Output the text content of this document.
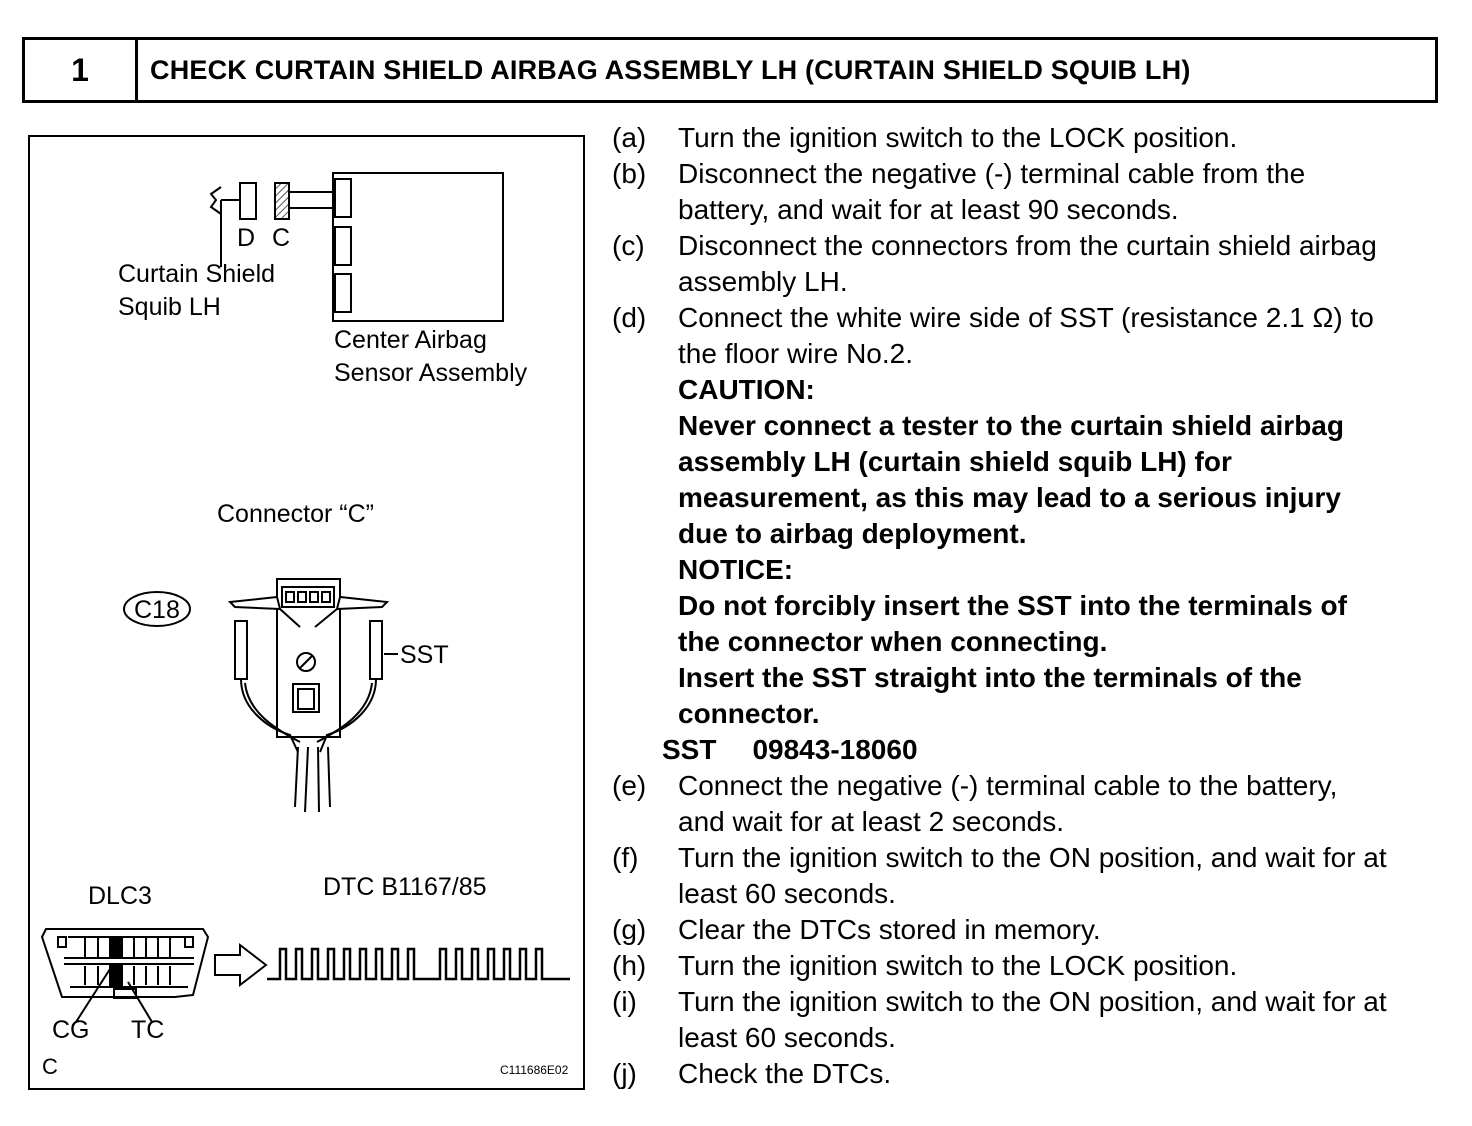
1	CHECK CURTAIN SHIELD AIRBAG ASSEMBLY LH (CURTAIN SHIELD SQUIB LH)
D C
Curtain Shield
Squib LH
Center Airbag
Sensor Assembly
Connector “C”
C18
SST
DLC3	DTC B1167/85
CG TC
C	C111686E02
(a) Turn the ignition switch to the LOCK position.
(b) Disconnect the negative (-) terminal cable from the
battery, and wait for at least 90 seconds.
(c) Disconnect the connectors from the curtain shield airbag
assembly LH.
(d) Connect the white wire side of SST (resistance 2.1 Ω) to
the floor wire No.2.
CAUTION:
Never connect a tester to the curtain shield airbag
assembly LH (curtain shield squib LH) for
measurement, as this may lead to a serious injury
due to airbag deployment.
NOTICE:
Do not forcibly insert the SST into the terminals of
the connector when connecting.
Insert the SST straight into the terminals of the
connector.
SST 09843-18060
(e) Connect the negative (-) terminal cable to the battery,
and wait for at least 2 seconds.
(f) Turn the ignition switch to the ON position, and wait for at
least 60 seconds.
(g) Clear the DTCs stored in memory.
(h) Turn the ignition switch to the LOCK position.
(i) Turn the ignition switch to the ON position, and wait for at
least 60 seconds.
(j) Check the DTCs.
